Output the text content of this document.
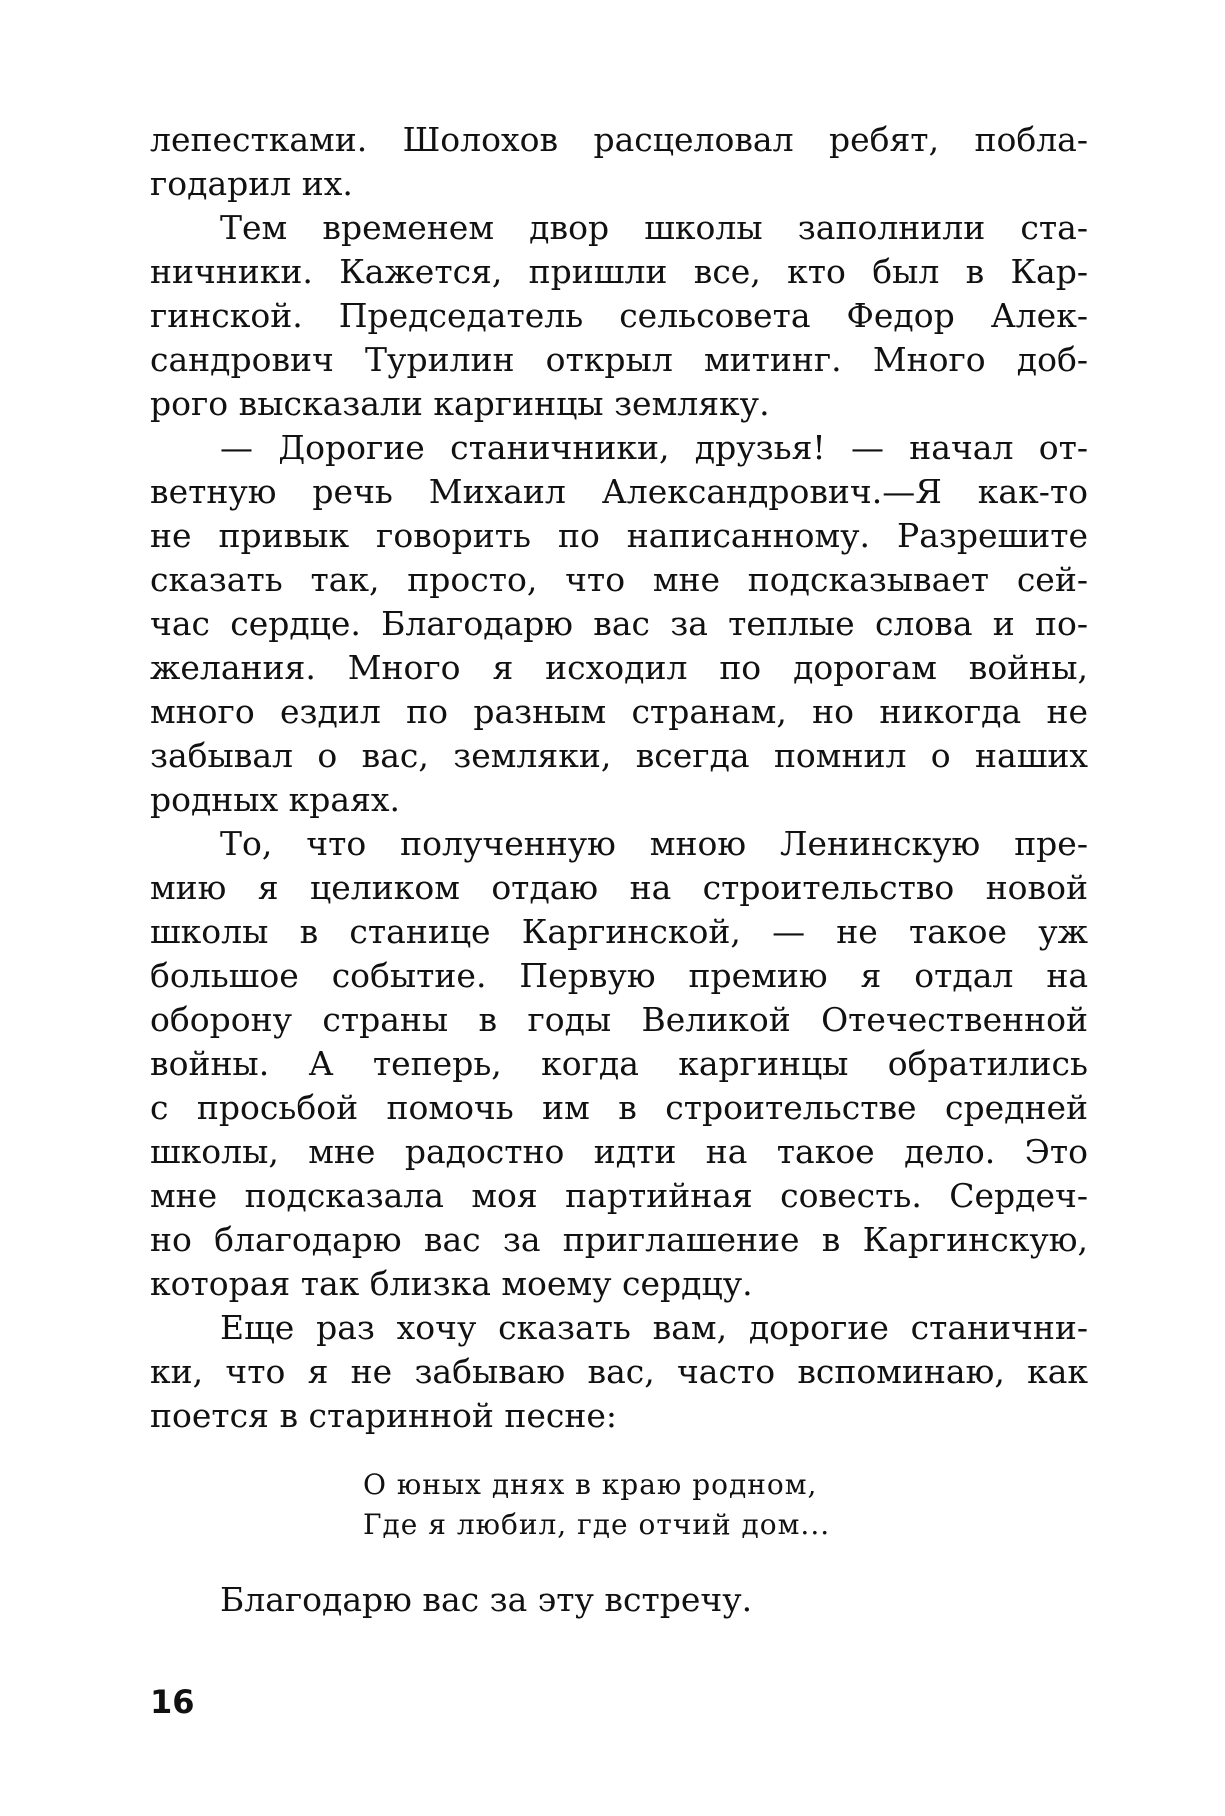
лепестками. Шолохов расцеловал ребят, побла-
годарил их.
Тем временем двор школы заполнили ста-
ничники. Кажется, пришли все, кто был в Кар-
гинской. Председатель сельсовета Федор Алек-
сандрович Турилин открыл митинг. Много доб-
рого высказали каргинцы земляку.
— Дорогие станичники, друзья! — начал от-
ветную речь Михаил Александрович.—Я как-то
не привык говорить по написанному. Разрешите
сказать так, просто, что мне подсказывает сей-
час сердце. Благодарю вас за теплые слова и по-
желания. Много я исходил по дорогам войны,
много ездил по разным странам, но никогда не
забывал о вас, земляки, всегда помнил о наших
родных краях.
То, что полученную мною Ленинскую пре-
мию я целиком отдаю на строительство новой
школы в станице Каргинской, — не такое уж
большое событие. Первую премию я отдал на
оборону страны в годы Великой Отечественной
войны. А теперь, когда каргинцы обратились
с просьбой помочь им в строительстве средней
школы, мне радостно идти на такое дело. Это
мне подсказала моя партийная совесть. Сердеч-
но благодарю вас за приглашение в Каргинскую,
которая так близка моему сердцу.
Еще раз хочу сказать вам, дорогие станични-
ки, что я не забываю вас, часто вспоминаю, как
поется в старинной песне:
О юных днях в краю родном,
Где я любил, где отчий дом...
Благодарю вас за эту встречу.
16
